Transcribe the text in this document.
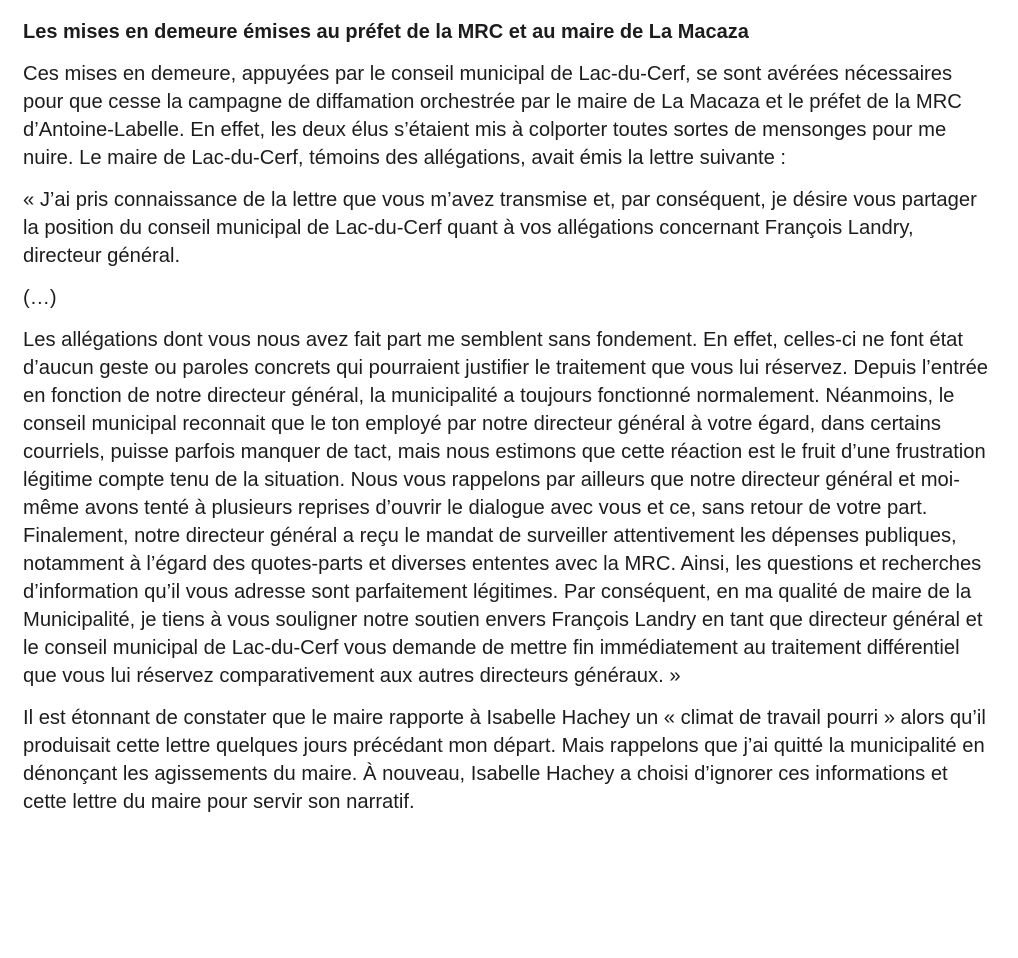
Les mises en demeure émises au préfet de la MRC et au maire de La Macaza

Ces mises en demeure, appuyées par le conseil municipal de Lac-du-Cerf, se sont avérées nécessaires pour que cesse la campagne de diffamation orchestrée par le maire de La Macaza et le préfet de la MRC d’Antoine-Labelle. En effet, les deux élus s’étaient mis à colporter toutes sortes de mensonges pour me nuire. Le maire de Lac-du-Cerf, témoins des allégations, avait émis la lettre suivante :

« J’ai pris connaissance de la lettre que vous m’avez transmise et, par conséquent, je désire vous partager la position du conseil municipal de Lac-du-Cerf quant à vos allégations concernant François Landry, directeur général.

(…)

Les allégations dont vous nous avez fait part me semblent sans fondement. En effet, celles-ci ne font état d’aucun geste ou paroles concrets qui pourraient justifier le traitement que vous lui réservez. Depuis l’entrée en fonction de notre directeur général, la municipalité a toujours fonctionné normalement. Néanmoins, le conseil municipal reconnait que le ton employé par notre directeur général à votre égard, dans certains courriels, puisse parfois manquer de tact, mais nous estimons que cette réaction est le fruit d’une frustration légitime compte tenu de la situation. Nous vous rappelons par ailleurs que notre directeur général et moi-même avons tenté à plusieurs reprises d’ouvrir le dialogue avec vous et ce, sans retour de votre part. Finalement, notre directeur général a reçu le mandat de surveiller attentivement les dépenses publiques, notamment à l’égard des quotes-parts et diverses ententes avec la MRC. Ainsi, les questions et recherches d’information qu’il vous adresse sont parfaitement légitimes. Par conséquent, en ma qualité de maire de la Municipalité, je tiens à vous souligner notre soutien envers François Landry en tant que directeur général et le conseil municipal de Lac-du-Cerf vous demande de mettre fin immédiatement au traitement différentiel que vous lui réservez comparativement aux autres directeurs généraux. »

Il est étonnant de constater que le maire rapporte à Isabelle Hachey un « climat de travail pourri » alors qu’il produisait cette lettre quelques jours précédant mon départ. Mais rappelons que j’ai quitté la municipalité en dénonçant les agissements du maire. À nouveau, Isabelle Hachey a choisi d’ignorer ces informations et cette lettre du maire pour servir son narratif.
